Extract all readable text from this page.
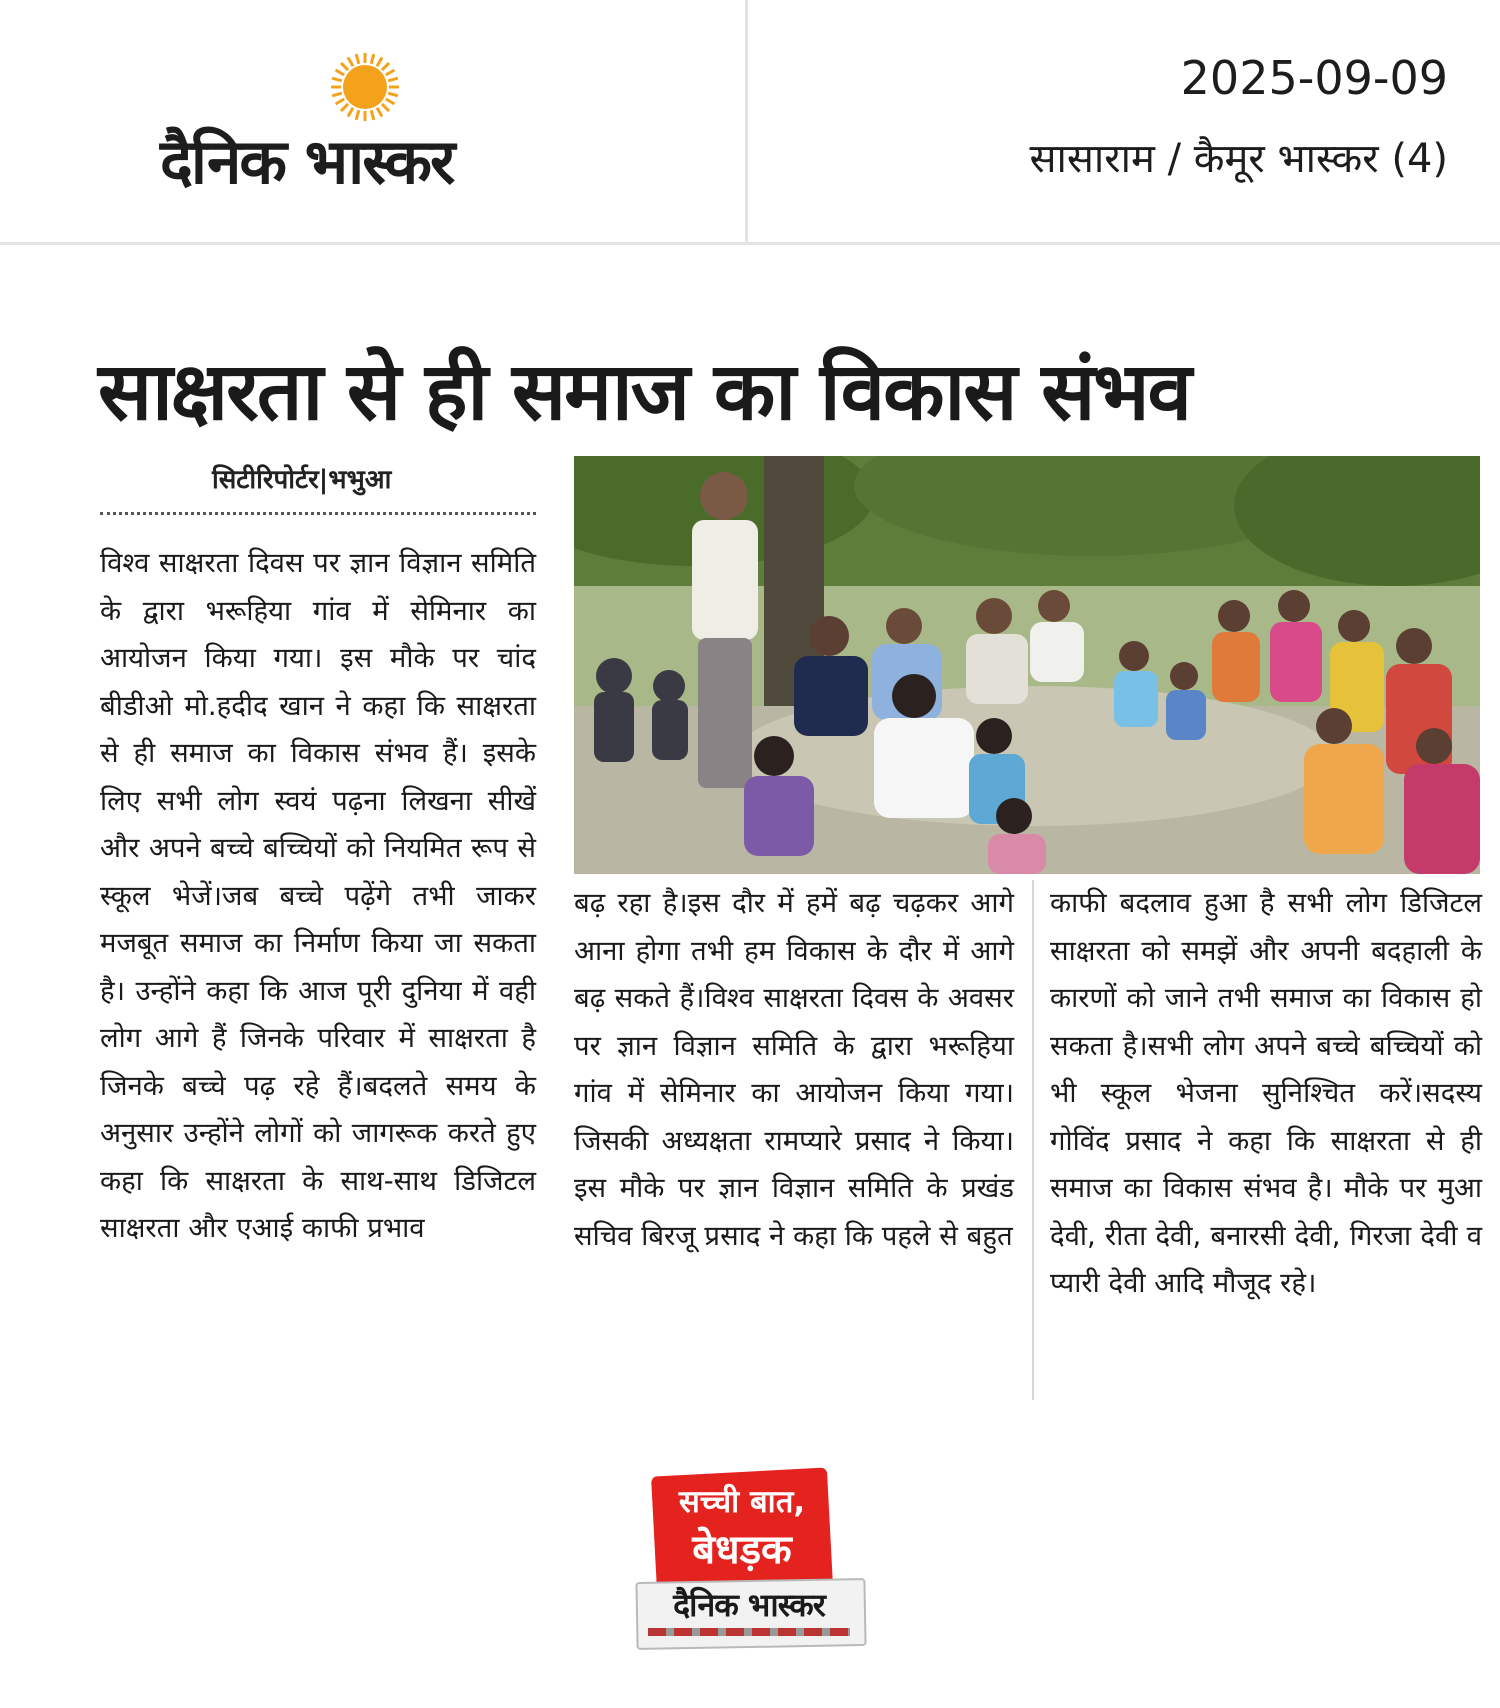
दैनिक भास्कर
2025-09-09
सासाराम / कैमूर भास्कर (4)
साक्षरता से ही समाज का विकास संभव
सिटीरिपोर्टर|भभुआ
विश्व साक्षरता दिवस पर ज्ञान विज्ञान समिति के द्वारा भरूहिया गांव में सेमिनार का आयोजन किया गया। इस मौके पर चांद बीडीओ मो.हदीद खान ने कहा कि साक्षरता से ही समाज का विकास संभव हैं। इसके लिए सभी लोग स्वयं पढ़ना लिखना सीखें और अपने बच्चे बच्चियों को नियमित रूप से स्कूल भेजें।जब बच्चे पढ़ेंगे तभी जाकर मजबूत समाज का निर्माण किया जा सकता है। उन्होंने कहा कि आज पूरी दुनिया में वही लोग आगे हैं जिनके परिवार में साक्षरता है जिनके बच्चे पढ़ रहे हैं।बदलते समय के अनुसार उन्होंने लोगों को जागरूक करते हुए कहा कि साक्षरता के साथ-साथ डिजिटल साक्षरता और एआई काफी प्रभाव
बढ़ रहा है।इस दौर में हमें बढ़ चढ़कर आगे आना होगा तभी हम विकास के दौर में आगे बढ़ सकते हैं।विश्व साक्षरता दिवस के अवसर पर ज्ञान विज्ञान समिति के द्वारा भरूहिया गांव में सेमिनार का आयोजन किया गया।जिसकी अध्यक्षता रामप्यारे प्रसाद ने किया।इस मौके पर ज्ञान विज्ञान समिति के प्रखंड सचिव बिरजू प्रसाद ने कहा कि पहले से बहुत
काफी बदलाव हुआ है सभी लोग डिजिटल साक्षरता को समझें और अपनी बदहाली के कारणों को जाने तभी समाज का विकास हो सकता है।सभी लोग अपने बच्चे बच्चियों को भी स्कूल भेजना सुनिश्चित करें।सदस्य गोविंद प्रसाद ने कहा कि साक्षरता से ही समाज का विकास संभव है। मौके पर मुआ देवी, रीता देवी, बनारसी देवी, गिरजा देवी व प्यारी देवी आदि मौजूद रहे।
सच्ची बात,
बेधड़क
दैनिक भास्कर
